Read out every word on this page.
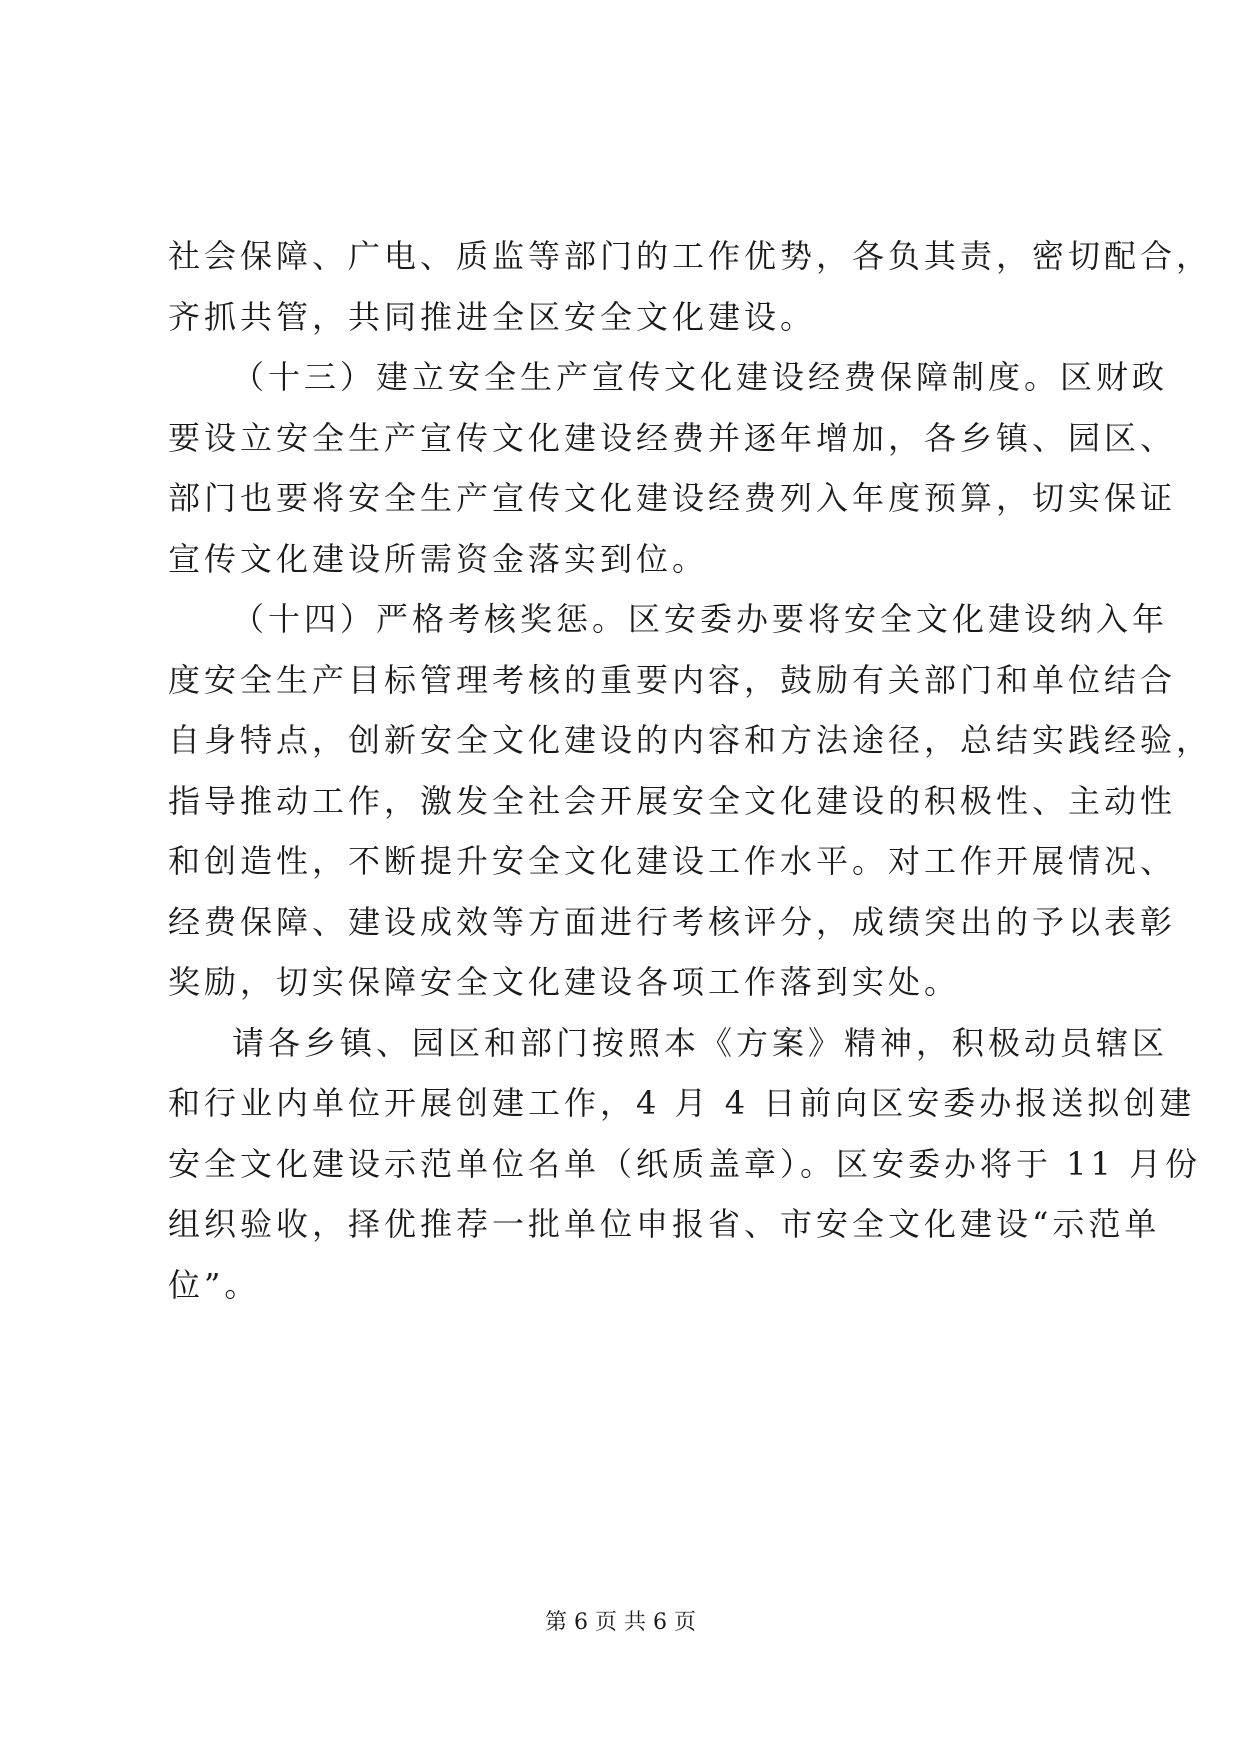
社会保障、广电、质监等部门的工作优势，各负其责，密切配合，
齐抓共管，共同推进全区安全文化建设。
（十三）建立安全生产宣传文化建设经费保障制度。区财政
要设立安全生产宣传文化建设经费并逐年增加，各乡镇、园区、
部门也要将安全生产宣传文化建设经费列入年度预算，切实保证
宣传文化建设所需资金落实到位。
（十四）严格考核奖惩。区安委办要将安全文化建设纳入年
度安全生产目标管理考核的重要内容，鼓励有关部门和单位结合
自身特点，创新安全文化建设的内容和方法途径，总结实践经验，
指导推动工作，激发全社会开展安全文化建设的积极性、主动性
和创造性，不断提升安全文化建设工作水平。对工作开展情况、
经费保障、建设成效等方面进行考核评分，成绩突出的予以表彰
奖励，切实保障安全文化建设各项工作落到实处。
请各乡镇、园区和部门按照本《方案》精神，积极动员辖区
和行业内单位开展创建工作，4 月 4 日前向区安委办报送拟创建
安全文化建设示范单位名单（纸质盖章）。区安委办将于 11 月份
组织验收，择优推荐一批单位申报省、市安全文化建设“示范单
位”。
第 6 页 共 6 页
